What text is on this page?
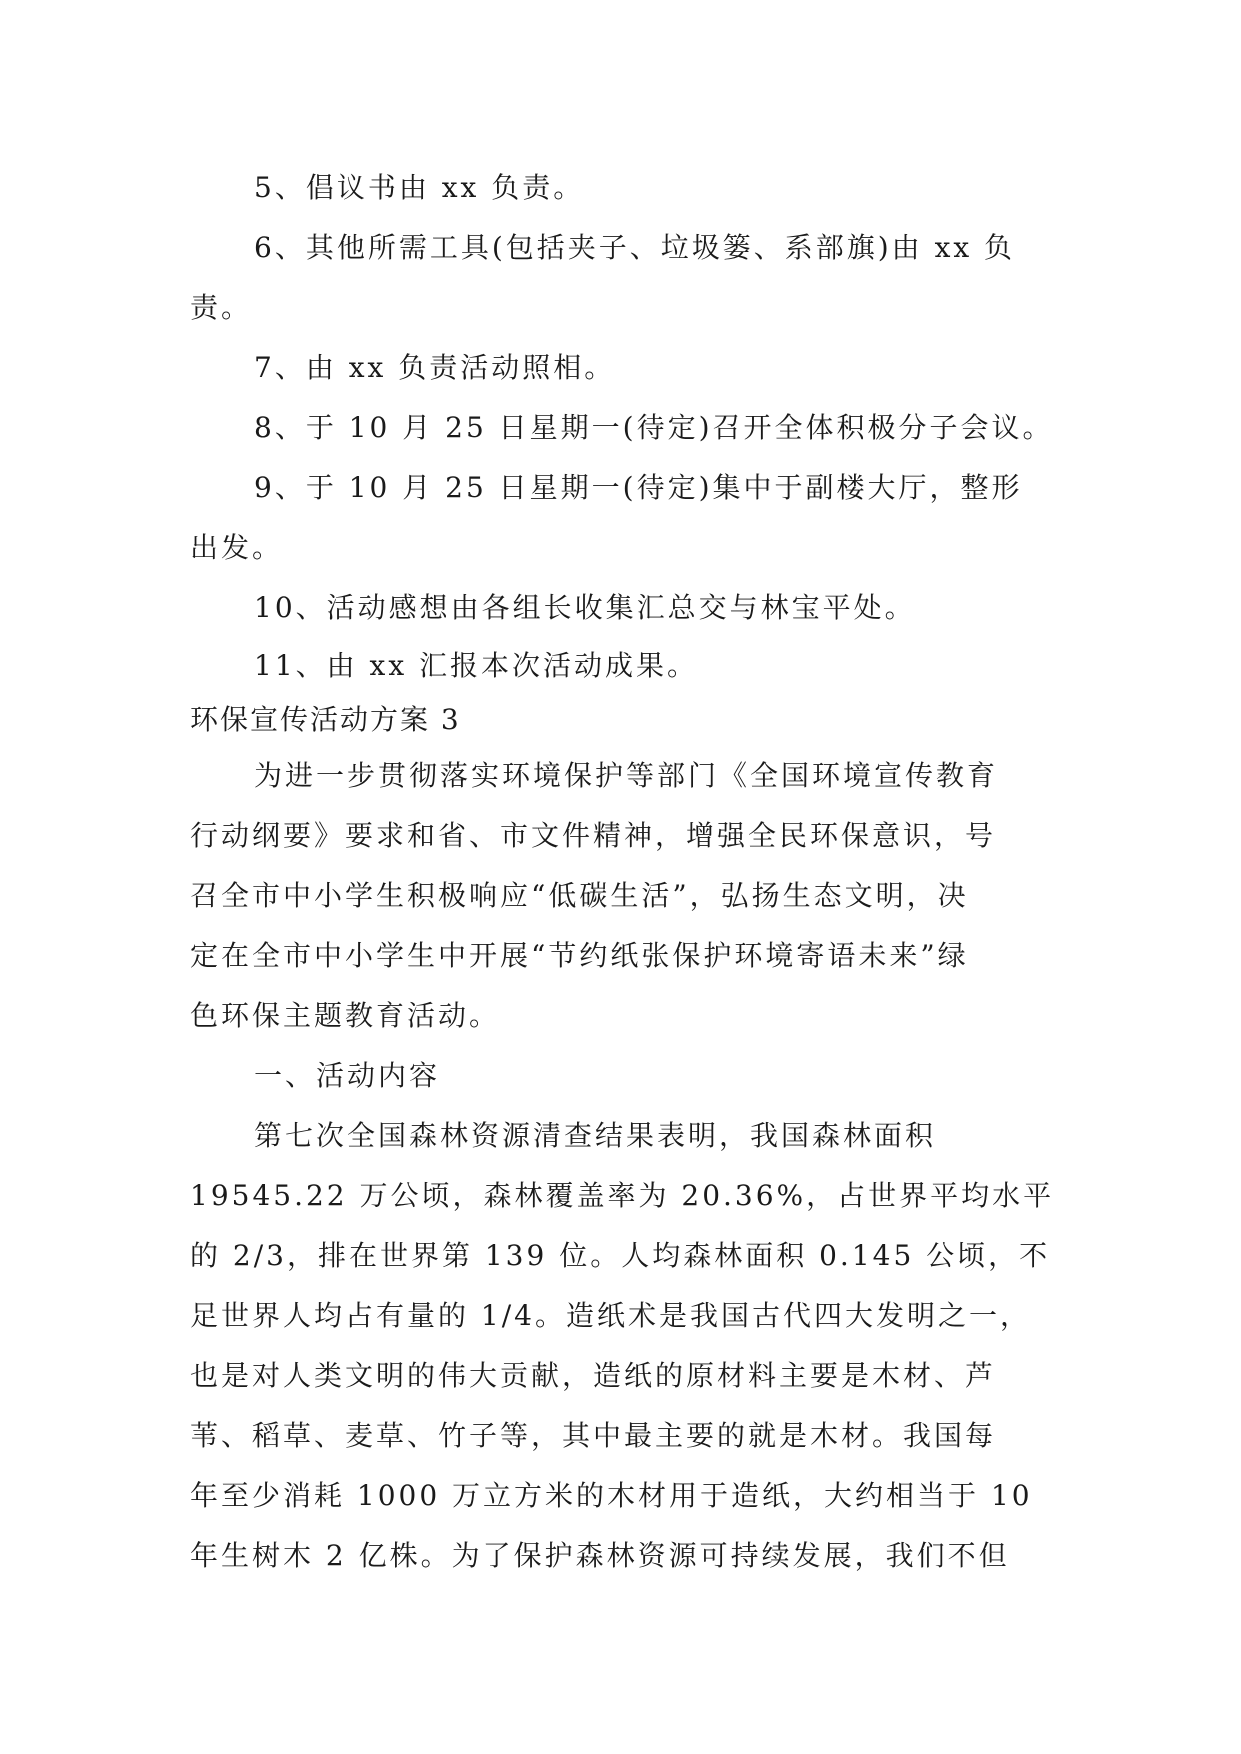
5、倡议书由 xx 负责。
6、其他所需工具(包括夹子、垃圾篓、系部旗)由 xx 负
责。
7、由 xx 负责活动照相。
8、于 10 月 25 日星期一(待定)召开全体积极分子会议。
9、于 10 月 25 日星期一(待定)集中于副楼大厅，整形
出发。
10、活动感想由各组长收集汇总交与林宝平处。
11、由 xx 汇报本次活动成果。
环保宣传活动方案 3
为进一步贯彻落实环境保护等部门《全国环境宣传教育
行动纲要》要求和省、市文件精神，增强全民环保意识，号
召全市中小学生积极响应“低碳生活”，弘扬生态文明，决
定在全市中小学生中开展“节约纸张保护环境寄语未来”绿
色环保主题教育活动。
一、活动内容
第七次全国森林资源清查结果表明，我国森林面积
19545.22 万公顷，森林覆盖率为 20.36%，占世界平均水平
的 2/3，排在世界第 139 位。人均森林面积 0.145 公顷，不
足世界人均占有量的 1/4。造纸术是我国古代四大发明之一，
也是对人类文明的伟大贡献，造纸的原材料主要是木材、芦
苇、稻草、麦草、竹子等，其中最主要的就是木材。我国每
年至少消耗 1000 万立方米的木材用于造纸，大约相当于 10
年生树木 2 亿株。为了保护森林资源可持续发展，我们不但
